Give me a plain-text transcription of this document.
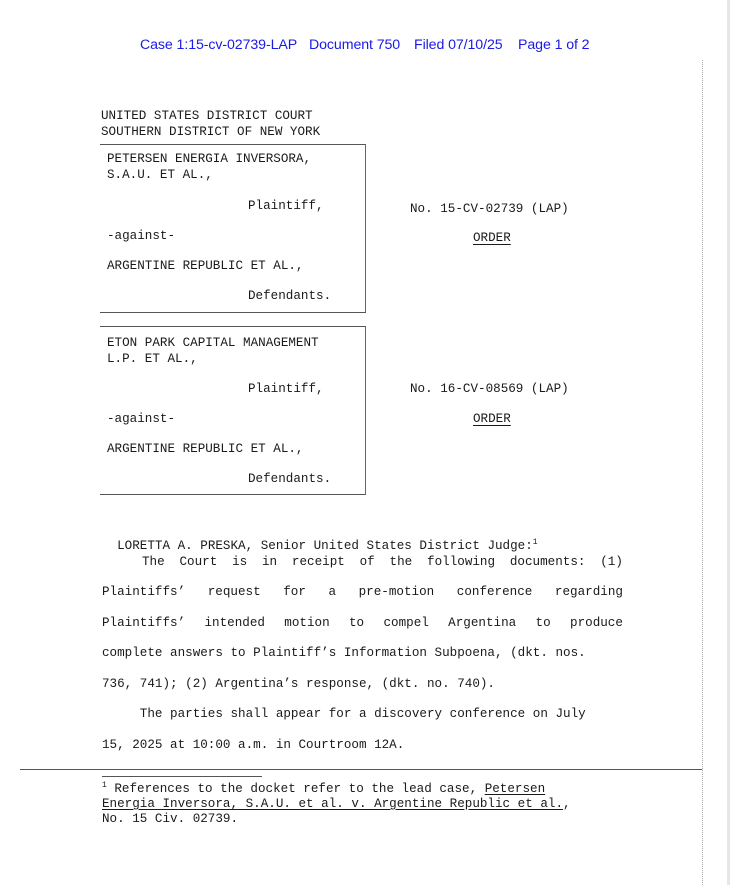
Case 1:15-cv-02739-LAP Document 750 Filed 07/10/25 Page 1 of 2
UNITED STATES DISTRICT COURT
SOUTHERN DISTRICT OF NEW YORK
PETERSEN ENERGIA INVERSORA,
S.A.U. ET AL.,
Plaintiff,
-against-
ARGENTINE REPUBLIC ET AL.,
Defendants.
No. 15-CV-02739 (LAP)
ORDER
ETON PARK CAPITAL MANAGEMENT
L.P. ET AL.,
Plaintiff,
-against-
ARGENTINE REPUBLIC ET AL.,
Defendants.
No. 16-CV-08569 (LAP)
ORDER

LORETTA A. PRESKA, Senior United States District Judge:$^1$

The Court is in receipt of the following documents: (1)
Plaintiffs’ request for a pre-motion conference regarding
Plaintiffs’ intended motion to compel Argentina to produce
complete answers to Plaintiff’s Information Subpoena, (dkt. nos.
736, 741); (2) Argentina’s response, (dkt. no. 740).
The parties shall appear for a discovery conference on July
15, 2025 at 10:00 a.m. in Courtroom 12A.
$^1$ References to the docket refer to the lead case, Petersen
Energia Inversora, S.A.U. et al. v. Argentine Republic et al.,
No. 15 Civ. 02739.
